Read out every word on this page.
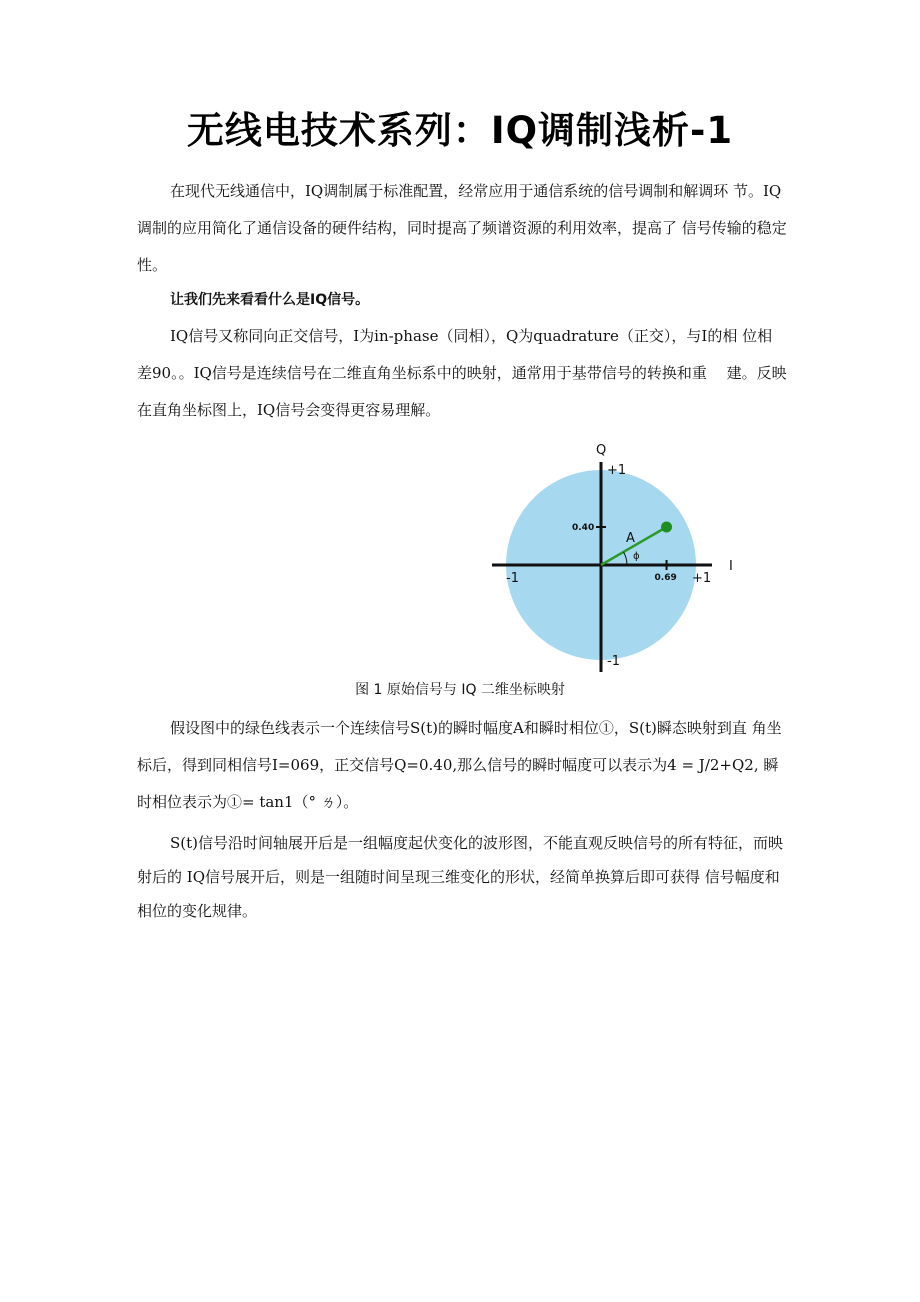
无线电技术系列：IQ调制浅析-1
在现代无线通信中，IQ调制属于标准配置，经常应用于通信系统的信号调制和解调环 节。IQ调制的应用简化了通信设备的硬件结构，同时提高了频谱资源的利用效率，提高了 信号传输的稳定性。
让我们先来看看什么是IQ信号。
IQ信号又称同向正交信号，I为in-phase（同相），Q为quadrature（正交），与I的相 位相差90。。IQ信号是连续信号在二维直角坐标系中的映射，通常用于基带信号的转换和重　 建。反映在直角坐标图上，IQ信号会变得更容易理解。
Q
I
+1
-1
+1
-1
0.40
0.69
A
ϕ
图 1 原始信号与 IQ 二维坐标映射
假设图中的绿色线表示一个连续信号S(t)的瞬时幅度A和瞬时相位①，S(t)瞬态映射到直 角坐标后，得到同相信号I=069，正交信号Q=0.40,那么信号的瞬时幅度可以表示为4 = J/2+Q2, 瞬时相位表示为①= tan1（° ㄌ）。
S(t)信号沿时间轴展开后是一组幅度起伏变化的波形图，不能直观反映信号的所有特征，而映射后的 IQ信号展开后，则是一组随时间呈现三维变化的形状，经简单换算后即可获得 信号幅度和相位的变化规律。
